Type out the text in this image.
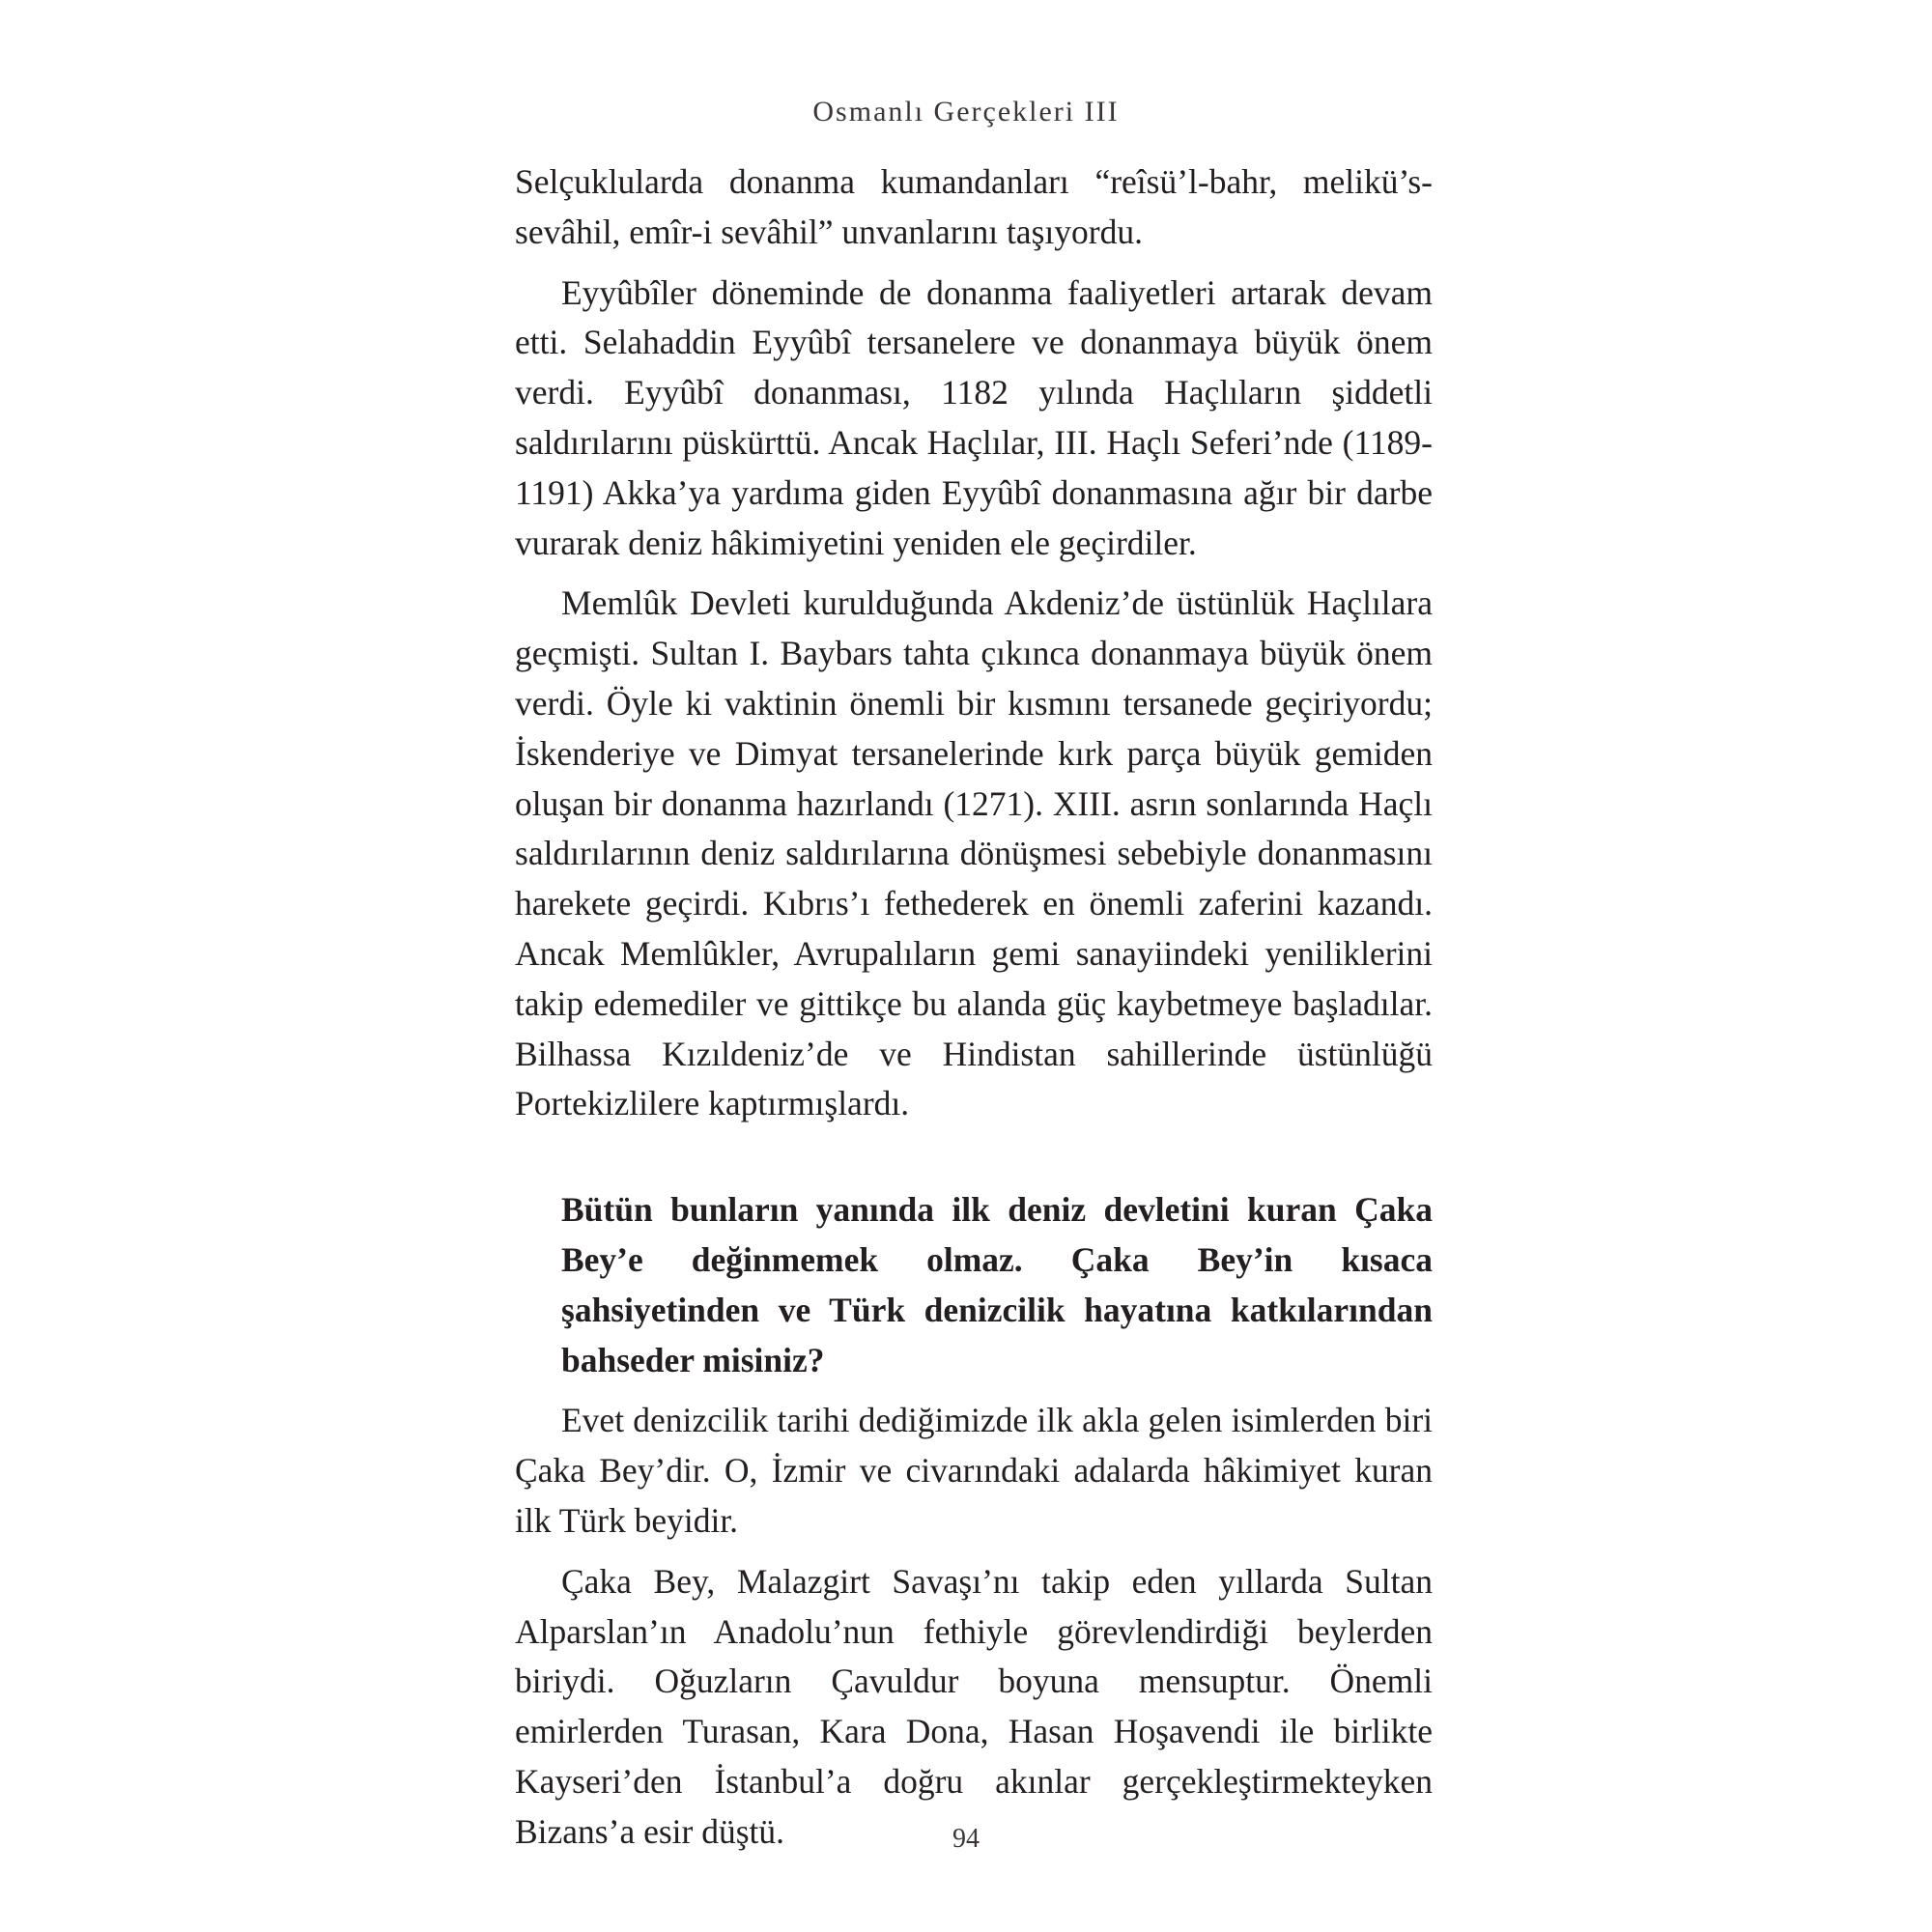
Osmanlı Gerçekleri III

Selçuklularda donanma kumandanları “reîsü’l-bahr, melikü’s-sevâhil, emîr-i sevâhil” unvanlarını taşıyordu.

Eyyûbîler döneminde de donanma faaliyetleri artarak devam etti. Selahaddin Eyyûbî tersanelere ve donanmaya büyük önem verdi. Eyyûbî donanması, 1182 yılında Haçlıların şiddetli saldırılarını püskürttü. Ancak Haçlılar, III. Haçlı Seferi’nde (1189-1191) Akka’ya yardıma giden Eyyûbî donanmasına ağır bir darbe vurarak deniz hâkimiyetini yeniden ele geçirdiler.

Memlûk Devleti kurulduğunda Akdeniz’de üstünlük Haçlılara geçmişti. Sultan I. Baybars tahta çıkınca donanmaya büyük önem verdi. Öyle ki vaktinin önemli bir kısmını tersanede geçiriyordu; İskenderiye ve Dimyat tersanelerinde kırk parça büyük gemiden oluşan bir donanma hazırlandı (1271). XIII. asrın sonlarında Haçlı saldırılarının deniz saldırılarına dönüşmesi sebebiyle donanmasını harekete geçirdi. Kıbrıs’ı fethederek en önemli zaferini kazandı. Ancak Memlûkler, Avrupalıların gemi sanayiindeki yeniliklerini takip edemediler ve gittikçe bu alanda güç kaybetmeye başladılar. Bilhassa Kızıldeniz’de ve Hindistan sahillerinde üstünlüğü Portekizlilere kaptırmışlardı.

Bütün bunların yanında ilk deniz devletini kuran Çaka Bey’e değinmemek olmaz. Çaka Bey’in kısaca şahsiyetinden ve Türk denizcilik hayatına katkılarından bahseder misiniz?

Evet denizcilik tarihi dediğimizde ilk akla gelen isimlerden biri Çaka Bey’dir. O, İzmir ve civarındaki adalarda hâkimiyet kuran ilk Türk beyidir.

Çaka Bey, Malazgirt Savaşı’nı takip eden yıllarda Sultan Alparslan’ın Anadolu’nun fethiyle görevlendirdiği beylerden biriydi. Oğuzların Çavuldur boyuna mensuptur. Önemli emirlerden Turasan, Kara Dona, Hasan Hoşavendi ile birlikte Kayseri’den İstanbul’a doğru akınlar gerçekleştirmekteyken Bizans’a esir düştü.	94
